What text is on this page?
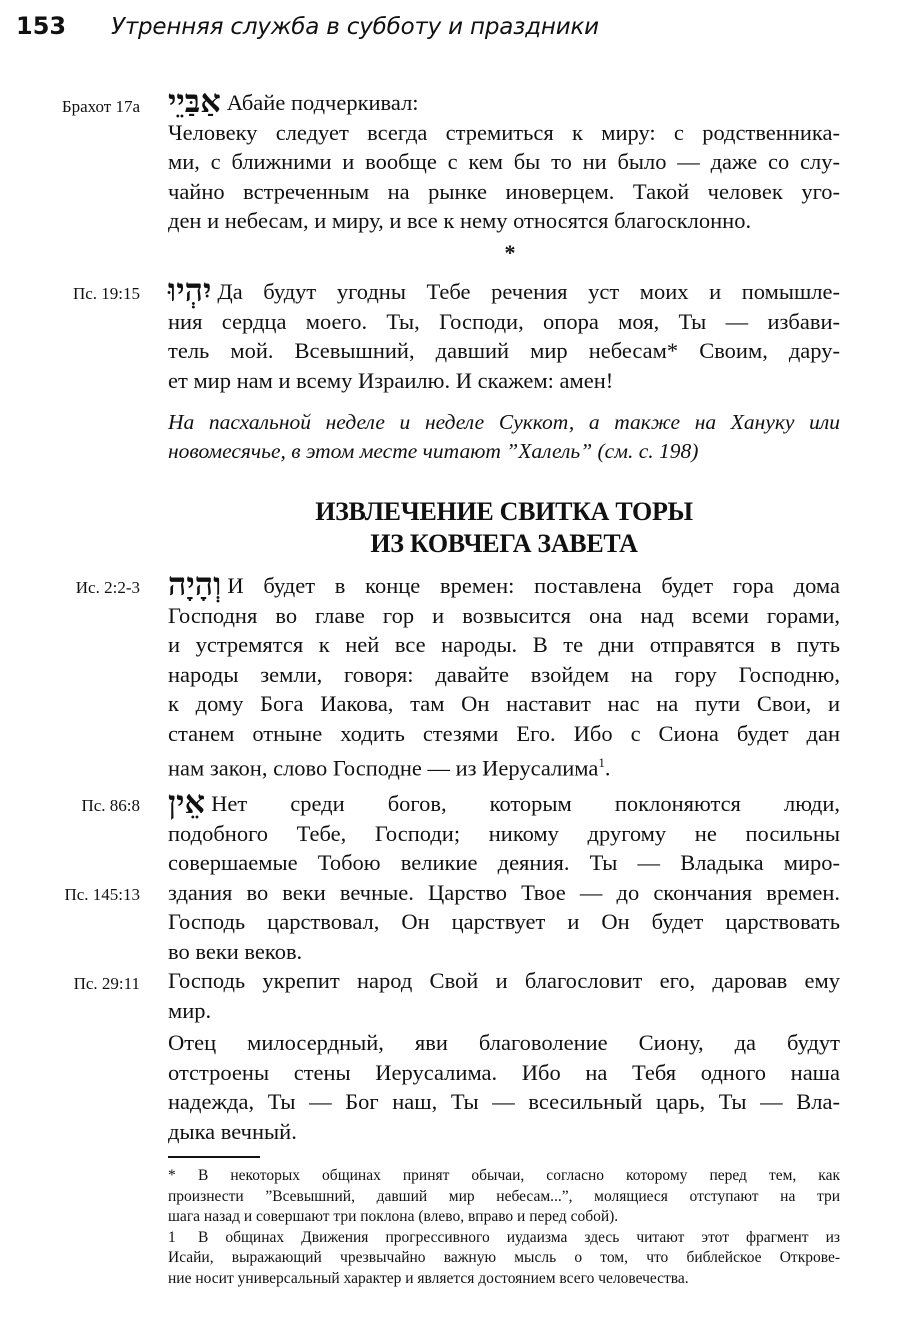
153	Утренняя служба в субботу и праздники
Брахот 17а אַבַּיֵי Абайе подчеркивал:
Человеку следует всегда стремиться к миру: с родственника-
ми, с ближними и вообще с кем бы то ни было — даже со слу-
чайно встреченным на рынке иноверцем. Такой человек уго-
ден и небесам, и миру, и все к нему относятся благосклонно.

*
Пс. 19:15 יִהְיוּ Да будут угодны Тебе речения уст моих и помышле-
ния сердца моего. Ты, Господи, опора моя, Ты — избави-
тель мой. Всевышний, давший мир небесам* Своим, дару-
ет мир нам и всему Израилю. И скажем: амен!

На пасхальной неделе и неделе Суккот, а также на Хануку или
новомесячье, в этом месте читают ”Халель” (см. с. 198)
ИЗВЛЕЧЕНИЕ СВИТКА ТОРЫ
ИЗ КОВЧЕГА ЗАВЕТА
Ис. 2:2-3 וְהָיָה И будет в конце времен: поставлена будет гора дома
Господня во главе гор и возвысится она над всеми горами,
и устремятся к ней все народы. В те дни отправятся в путь
народы земли, говоря: давайте взойдем на гору Господню,
к дому Бога Иакова, там Он наставит нас на пути Свои, и
станем отныне ходить стезями Его. Ибо с Сиона будет дан
нам закон, слово Господне — из Иерусалима$^1$.

Пс. 86:8
Пс. 145:13

אֵין Нет среди богов, которым поклоняются люди,
подобного Тебе, Господи; никому другому не посильны
совершаемые Тобою великие деяния. Ты — Владыка миро-
здания во веки вечные. Царство Твое — до скончания времен.
Господь царствовал, Он царствует и Он будет царствовать
во веки веков.

Пс. 29:11 Господь укрепит народ Свой и благословит его, даровав ему
мир.

Отец милосердный, яви благоволение Сиону, да будут
отстроены стены Иерусалима. Ибо на Тебя одного наша
надежда, Ты — Бог наш, Ты — всесильный царь, Ты — Вла-
дыка вечный.

* В некоторых общинах принят обычаи, согласно которому перед тем, как
произнести ”Всевышний, давший мир небесам...”, молящиеся отступают на три
шага назад и совершают три поклона (влево, вправо и перед собой).
1 В общинах Движения прогрессивного иудаизма здесь читают этот фрагмент из
Исайи, выражающий чрезвычайно важную мысль о том, что библейское Открове-
ние носит универсальный характер и является достоянием всего человечества.
